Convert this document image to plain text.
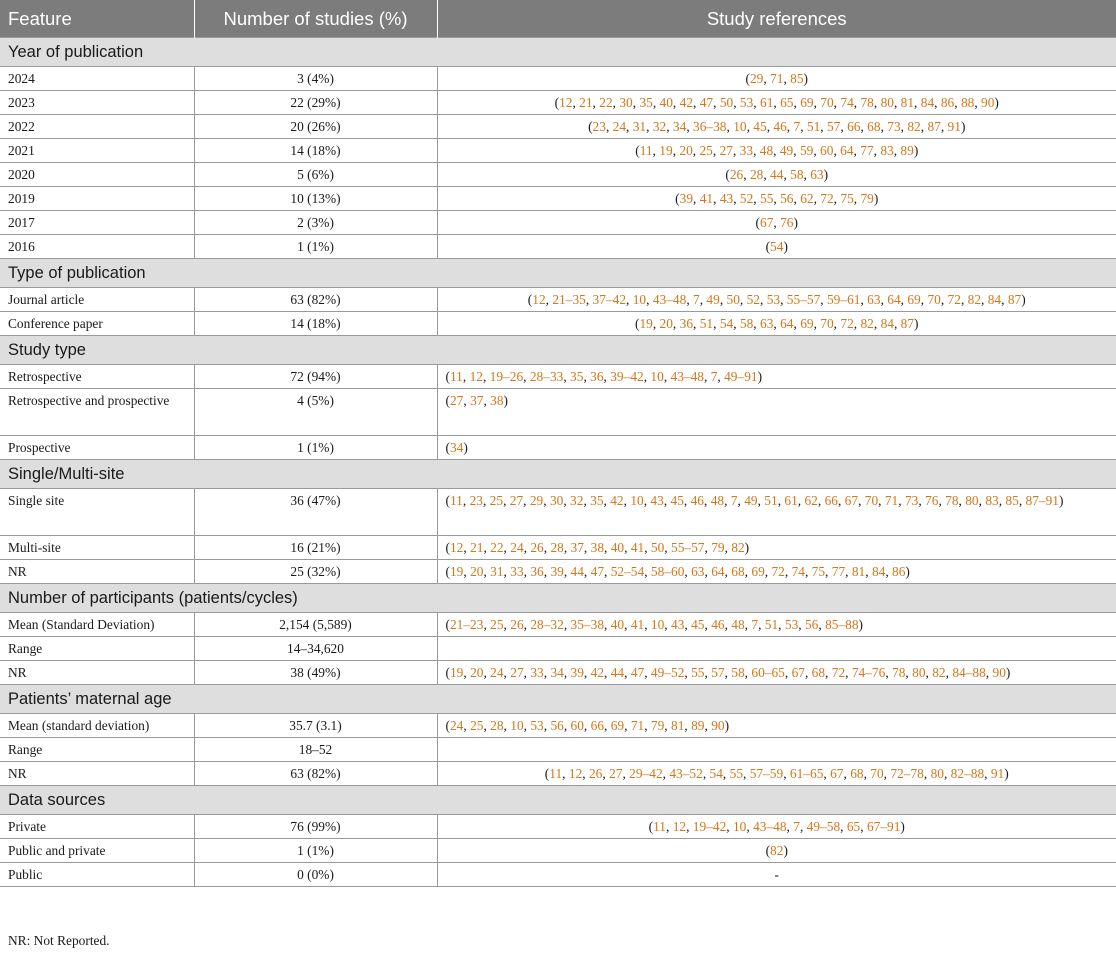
Feature	Number of studies (%)	Study references
Year of publication		
2024	3 (4%)	(29, 71, 85)
2023	22 (29%)	(12, 21, 22, 30, 35, 40, 42, 47, 50, 53, 61, 65, 69, 70, 74, 78, 80, 81, 84, 86, 88, 90)
2022	20 (26%)	(23, 24, 31, 32, 34, 36–38, 10, 45, 46, 7, 51, 57, 66, 68, 73, 82, 87, 91)
2021	14 (18%)	(11, 19, 20, 25, 27, 33, 48, 49, 59, 60, 64, 77, 83, 89)
2020	5 (6%)	(26, 28, 44, 58, 63)
2019	10 (13%)	(39, 41, 43, 52, 55, 56, 62, 72, 75, 79)
2017	2 (3%)	(67, 76)
2016	1 (1%)	(54)
Type of publication		
Journal article	63 (82%)	(12, 21–35, 37–42, 10, 43–48, 7, 49, 50, 52, 53, 55–57, 59–61, 63, 64, 69, 70, 72, 82, 84, 87)
Conference paper	14 (18%)	(19, 20, 36, 51, 54, 58, 63, 64, 69, 70, 72, 82, 84, 87)
Study type		
Retrospective	72 (94%)	(11, 12, 19–26, 28–33, 35, 36, 39–42, 10, 43–48, 7, 49–91)
Retrospective and prospective	4 (5%)	(27, 37, 38)
Prospective	1 (1%)	(34)
Single/Multi-site		
Single site	36 (47%)	(11, 23, 25, 27, 29, 30, 32, 35, 42, 10, 43, 45, 46, 48, 7, 49, 51, 61, 62, 66, 67, 70, 71, 73, 76, 78, 80, 83, 85, 87–91)
Multi-site	16 (21%)	(12, 21, 22, 24, 26, 28, 37, 38, 40, 41, 50, 55–57, 79, 82)
NR	25 (32%)	(19, 20, 31, 33, 36, 39, 44, 47, 52–54, 58–60, 63, 64, 68, 69, 72, 74, 75, 77, 81, 84, 86)
Number of participants (patients/cycles)		
Mean (Standard Deviation)	2,154 (5,589)	(21–23, 25, 26, 28–32, 35–38, 40, 41, 10, 43, 45, 46, 48, 7, 51, 53, 56, 85–88)
Range	14–34,620	
NR	38 (49%)	(19, 20, 24, 27, 33, 34, 39, 42, 44, 47, 49–52, 55, 57, 58, 60–65, 67, 68, 72, 74–76, 78, 80, 82, 84–88, 90)
Patients’ maternal age		
Mean (standard deviation)	35.7 (3.1)	(24, 25, 28, 10, 53, 56, 60, 66, 69, 71, 79, 81, 89, 90)
Range	18–52	
NR	63 (82%)	(11, 12, 26, 27, 29–42, 43–52, 54, 55, 57–59, 61–65, 67, 68, 70, 72–78, 80, 82–88, 91)
Data sources		
Private	76 (99%)	(11, 12, 19–42, 10, 43–48, 7, 49–58, 65, 67–91)
Public and private	1 (1%)	(82)
Public	0 (0%)	-
NR: Not Reported.
